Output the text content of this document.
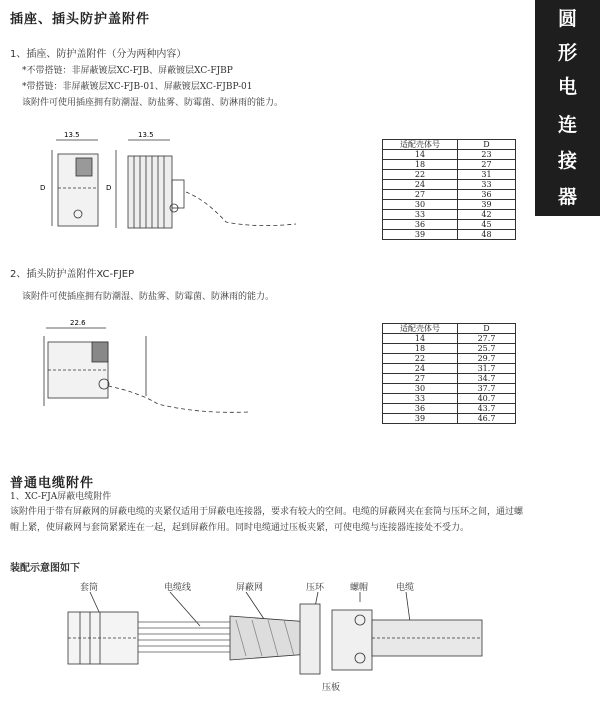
插座、插头防护盖附件	圆
形
电
连
接
器
1、插座、防护盖附件（分为两种内容）
*不带搭链：非屏蔽镀层XC-FJB、屏蔽镀层XC-FJBP
*带搭链：非屏蔽镀层XC-FJB-01、屏蔽镀层XC-FJBP-01
该附件可使用插座拥有防潮湿、防盐雾、防霉菌、防淋雨的能力。
13.5	13.5
D	D
适配壳体号	D
14	23
18	27
22	31
24	33
27	36
30	39
33	42
36	45
39	48
2、插头防护盖附件XC-FJEP
该附件可使插座拥有防潮湿、防盐雾、防霉菌、防淋雨的能力。
22.6
适配壳体号	D
14	27.7
18	25.7
22	29.7
24	31.7
27	34.7
30	37.7
33	40.7
36	43.7
39	46.7
普通电缆附件
1、XC-FJA屏蔽电缆附件
该附件用于带有屏蔽网的屏蔽电缆的夹紧仅适用于屏蔽电连接器，要求有较大的空间。电缆的屏蔽网夹在套筒与压环之间，通过螺帽上紧，使屏蔽网与套筒紧紧连在一起，起到屏蔽作用。同时电缆通过压板夹紧，可使电缆与连接器连接处不受力。
装配示意图如下
套筒	电缆线	屏蔽网	压环	螺帽	电缆
压板
